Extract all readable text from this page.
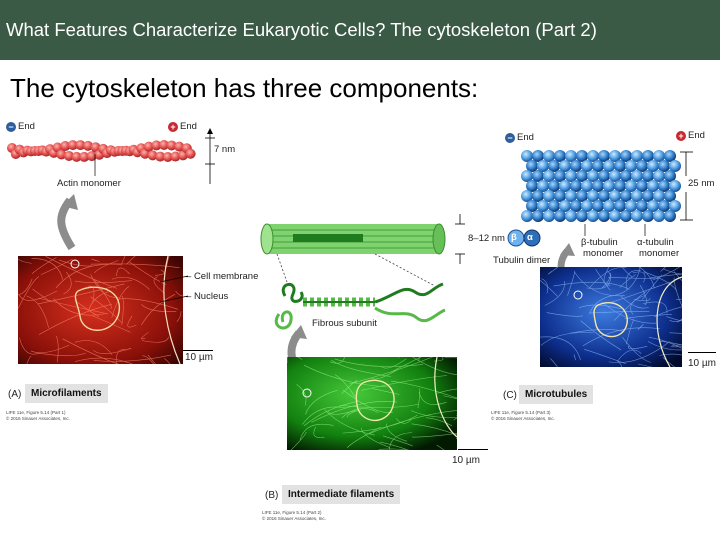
What Features Characterize Eukaryotic Cells? The cytoskeleton (Part 2)
The cytoskeleton has three components:
− End	+ End
7 nm
Actin monomer
– Cell membrane
– Nucleus
10 µm
(A) Microfilaments
LIFE 11e, Figure 5.14 (Part 1)
© 2016 Sinauer Associates, Inc.
8–12 nm
Fibrous subunit
10 µm
(B) Intermediate filaments
LIFE 11e, Figure 5.14 (Part 2)
© 2016 Sinauer Associates, Inc.
− End	+ End
25 nm
β α
Tubulin dimer
β-tubulin
monomer
α-tubulin
monomer
10 µm
(C) Microtubules
LIFE 11e, Figure 5.14 (Part 3)
© 2016 Sinauer Associates, Inc.
